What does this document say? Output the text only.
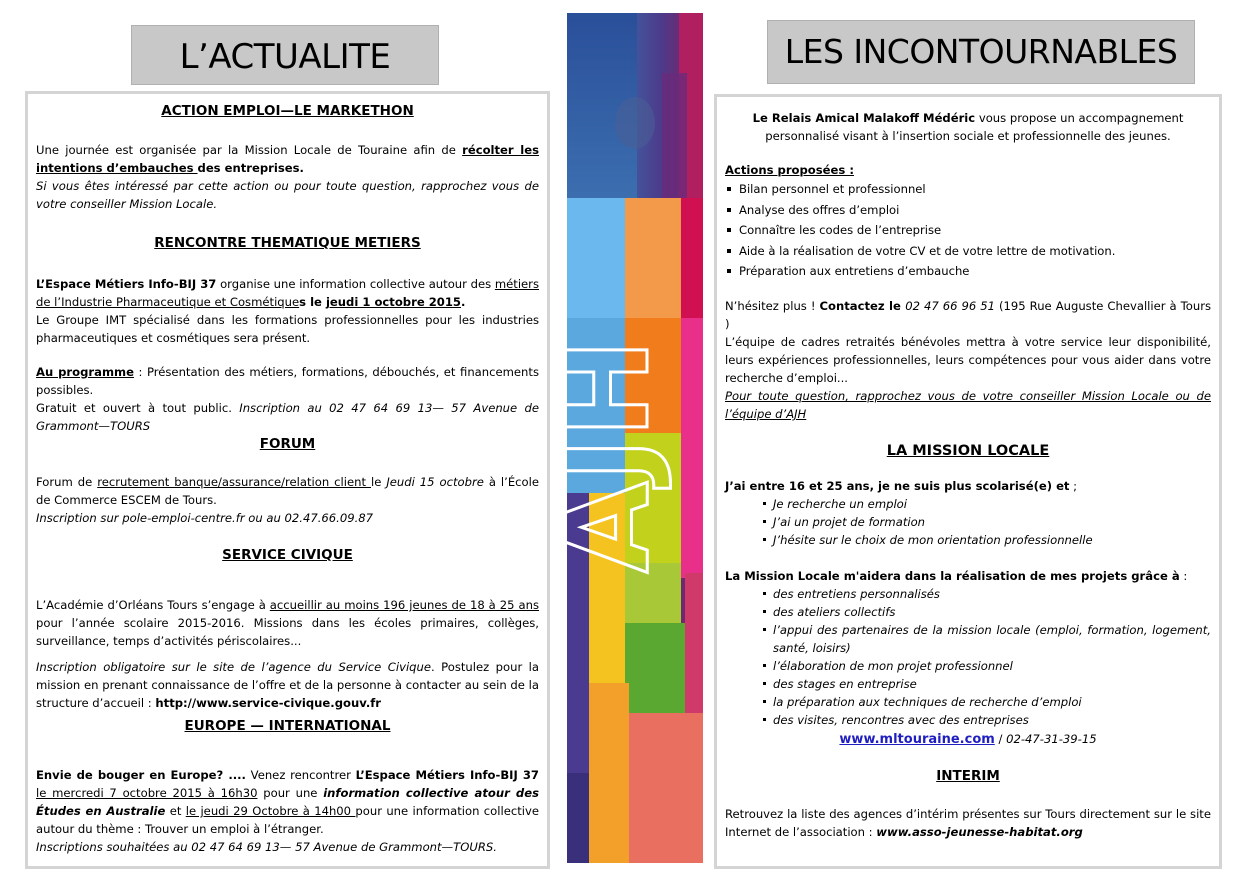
L’ACTUALITE	LES INCONTOURNABLES
ACTION EMPLOI—LE MARKETHON
Une journée est organisée par la Mission Locale de Touraine afin de récolter les intentions d’embauches des entreprises.
Si vous êtes intéressé par cette action ou pour toute question, rapprochez vous de votre conseiller Mission Locale.
RENCONTRE THEMATIQUE METIERS
L’Espace Métiers Info-BIJ 37 organise une information collective autour des métiers de l’Industrie Pharmaceutique et Cosmétiques le jeudi 1 octobre 2015.
Le Groupe IMT spécialisé dans les formations professionnelles pour les industries pharmaceutiques et cosmétiques sera présent.
Au programme : Présentation des métiers, formations, débouchés, et financements possibles.
Gratuit et ouvert à tout public. Inscription au 02 47 64 69 13— 57 Avenue de Grammont—TOURS
FORUM
Forum de recrutement banque/assurance/relation client le Jeudi 15 octobre à l’École de Commerce ESCEM de Tours.
Inscription sur pole-emploi-centre.fr ou au 02.47.66.09.87
SERVICE CIVIQUE
L’Académie d’Orléans Tours s’engage à accueillir au moins 196 jeunes de 18 à 25 ans pour l’année scolaire 2015-2016. Missions dans les écoles primaires, collèges, surveillance, temps d’activités périscolaires...
Inscription obligatoire sur le site de l’agence du Service Civique. Postulez pour la mission en prenant connaissance de l’offre et de la personne à contacter au sein de la structure d’accueil : http://www.service-civique.gouv.fr
EUROPE — INTERNATIONAL
Envie de bouger en Europe? .... Venez rencontrer L’Espace Métiers Info-BIJ 37 le mercredi 7 octobre 2015 à 16h30 pour une information collective atour des Études en Australie et le jeudi 29 Octobre à 14h00 pour une information collective autour du thème : Trouver un emploi à l’étranger.
Inscriptions souhaitées au 02 47 64 69 13— 57 Avenue de Grammont—TOURS.
AJH
Le Relais Amical Malakoff Médéric vous propose un accompagnement personnalisé visant à l’insertion sociale et professionnelle des jeunes.
Actions proposées :
Bilan personnel et professionnel
Analyse des offres d’emploi
Connaître les codes de l’entreprise
Aide à la réalisation de votre CV et de votre lettre de motivation.
Préparation aux entretiens d’embauche
N’hésitez plus ! Contactez le 02 47 66 96 51 (195 Rue Auguste Chevallier à Tours )
L’équipe de cadres retraités bénévoles mettra à votre service leur disponibilité, leurs expériences professionnelles, leurs compétences pour vous aider dans votre recherche d’emploi...
Pour toute question, rapprochez vous de votre conseiller Mission Locale ou de l’équipe d’AJH
LA MISSION LOCALE
J’ai entre 16 et 25 ans, je ne suis plus scolarisé(e) et ;
Je recherche un emploi
J’ai un projet de formation
J’hésite sur le choix de mon orientation professionnelle
La Mission Locale m'aidera dans la réalisation de mes projets grâce à :
des entretiens personnalisés
des ateliers collectifs
l’appui des partenaires de la mission locale (emploi, formation, logement, santé, loisirs)
l’élaboration de mon projet professionnel
des stages en entreprise
la préparation aux techniques de recherche d’emploi
des visites, rencontres avec des entreprises
www.mltouraine.com / 02-47-31-39-15
INTERIM
Retrouvez la liste des agences d’intérim présentes sur Tours directement sur le site Internet de l’association : www.asso-jeunesse-habitat.org
